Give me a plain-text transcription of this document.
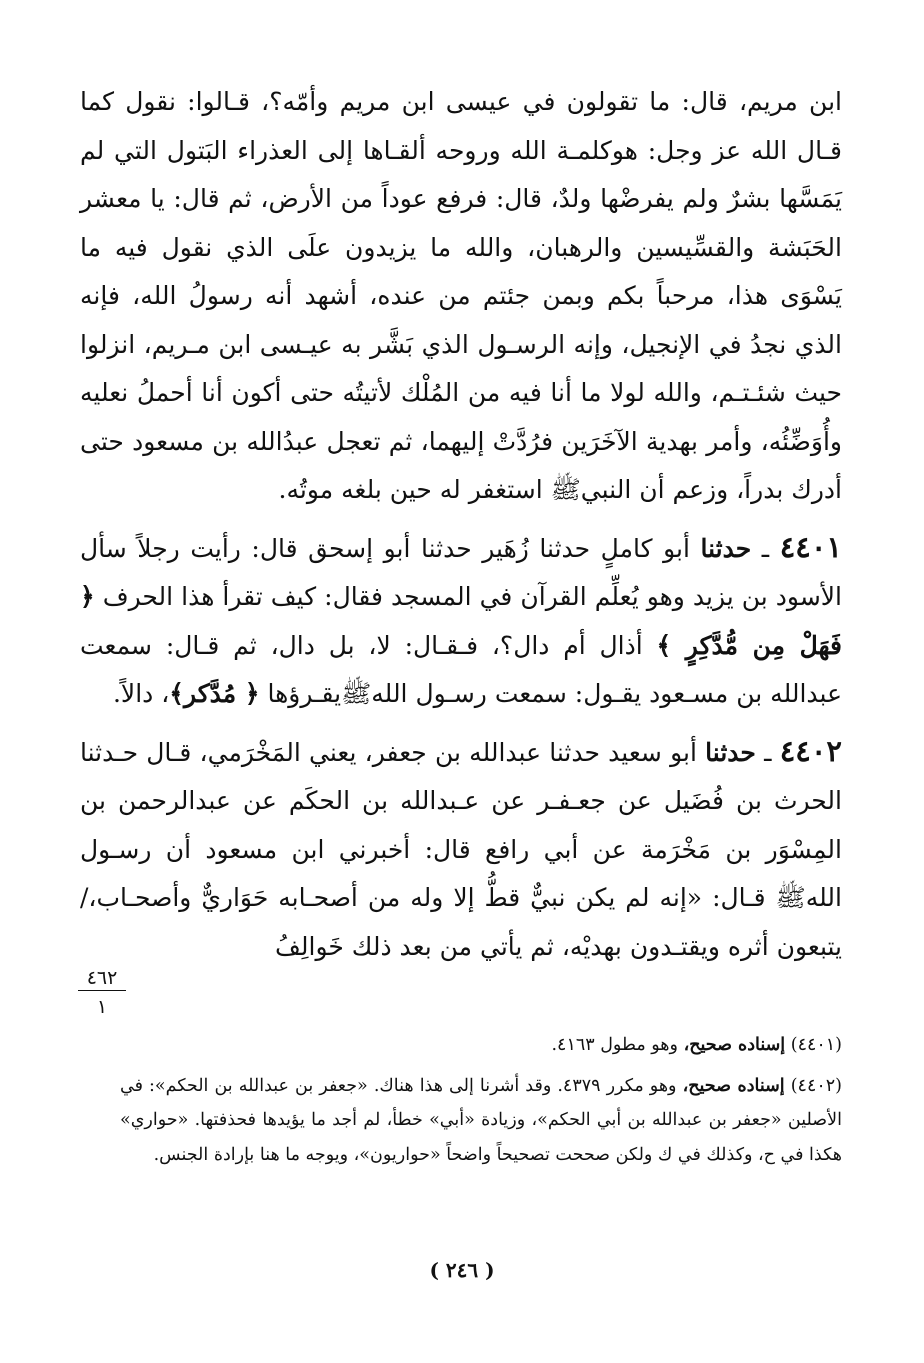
ابن مريم، قال: ما تقولون في عيسى ابن مريم وأمّه؟، قـالوا: نقول كما قـال الله عز وجل: هوكلمـة الله وروحه ألقـاها إلى العذراء البَتول التي لم يَمَسَّها بشرٌ ولم يفرضْها ولدٌ، قال: فرفع عوداً من الأرض، ثم قال: يا معشر الحَبَشة والقسِّيسين والرهبان، والله ما يزيدون علَى الذي نقول فيه ما يَسْوَى هذا، مرحباً بكم وبمن جئتم من عنده، أشهد أنه رسولُ الله، فإنه الذي نجدُ في الإنجيل، وإنه الرسـول الذي بَشَّر به عيـسى ابن مـريم، انزلوا حيث شئـتـم، والله لولا ما أنا فيه من المُلْك لأتيتُه حتى أكون أنا أحملُ نعليه وأُوَضِّئُه، وأمر بهدية الآخَرَين فرُدَّتْ إليهما، ثم تعجل عبدُالله بن مسعود حتى أدرك بدراً، وزعم أن النبيﷺ استغفر له حين بلغه موتُه.

٤٤٠١ ـ حدثنا أبو كاملٍ حدثنا زُهَير حدثنا أبو إسحق قال: رأيت رجلاً سأل الأسود بن يزيد وهو يُعلِّم القرآن في المسجد فقال: كيف تقرأ هذا الحرف ﴿ فَهَلْ مِن مُّدَّكِرٍ ﴾ أذال أم دال؟، فـقـال: لا، بل دال، ثم قـال: سمعت عبدالله بن مسـعود يقـول: سمعت رسـول اللهﷺيقـرؤها ﴿ مُدَّكر﴾، دالاً.

٤٤٠٢ ـ حدثنا أبو سعيد حدثنا عبدالله بن جعفر، يعني المَخْرَمي، قـال حـدثنا الحرث بن فُضَيل عن جعـفـر عن عـبدالله بن الحكَم عن عبدالرحمن بن المِسْوَر بن مَخْرَمة عن أبي رافع قال: أخبرني ابن مسعود أن رسـول اللهﷺ قـال: «إنه لم يكن نبيٌّ قطُّ إلا وله من أصحـابه حَوَاريٌّ وأصحـاب،/ يتبعون أثره ويقتـدون بهديْه، ثم يأتي من بعد ذلك خَوالِفُ

٤٦٢
١

(٤٤٠١) إسناده صحيح، وهو مطول ٤١٦٣.

(٤٤٠٢) إسناده صحيح، وهو مكرر ٤٣٧٩. وقد أشرنا إلى هذا هناك. «جعفر بن عبدالله بن الحكم»: في الأصلين «جعفر بن عبدالله بن أبي الحكم»، وزيادة «أبي» خطأ، لم أجد ما يؤيدها فحذفتها. «حواري» هكذا في ح، وكذلك في ك ولكن صححت تصحيحاً واضحاً «حواريون»، ويوجه ما هنا بإرادة الجنس.

( ٢٤٦ )
